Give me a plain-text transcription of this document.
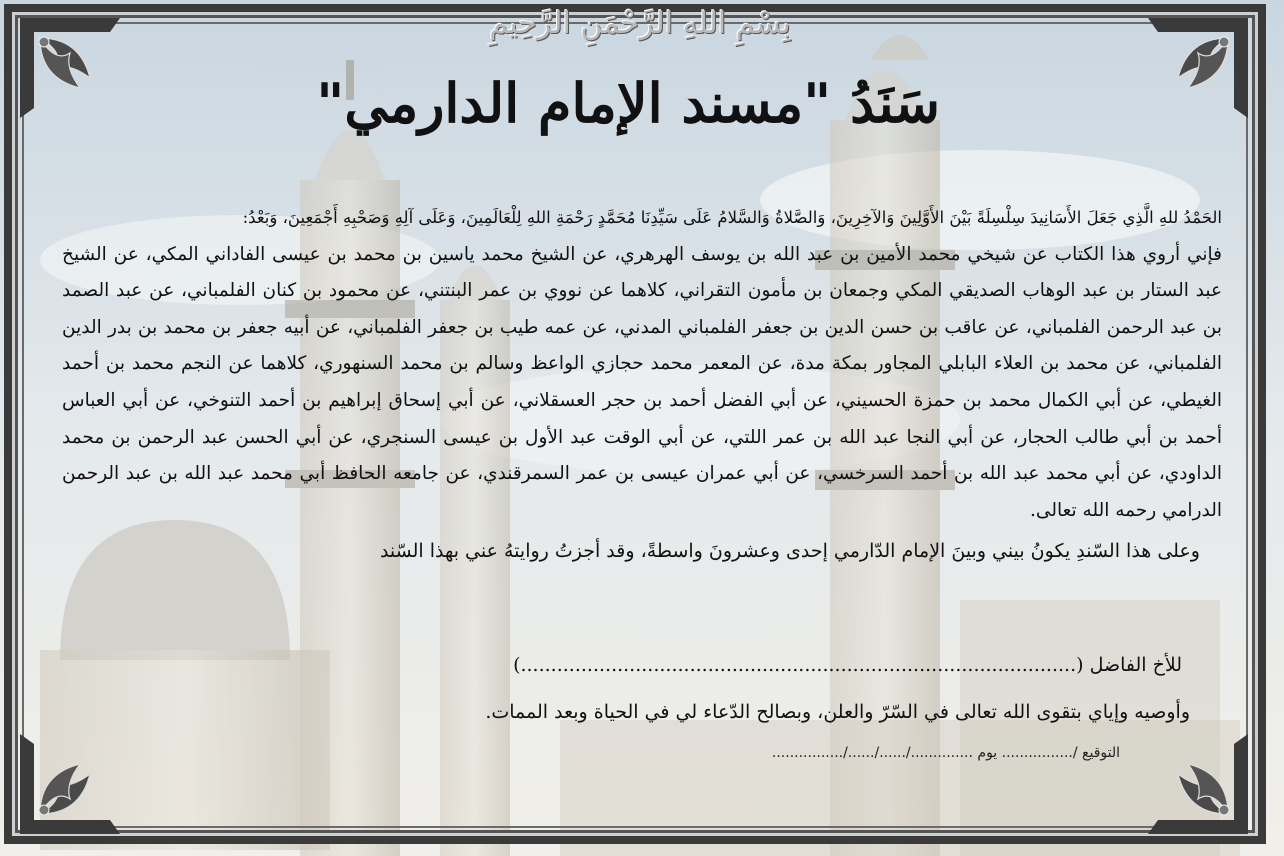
بِسْمِ اللهِ الرَّحْمَنِ الرَّحِيمِ
سَنَدُ "مسند الإمام الدارمي"

الحَمْدُ للهِ الَّذِي جَعَلَ الأَسَانِيدَ سِلْسِلَةً بَيْنَ الأَوَّلِينَ وَالآخِرِينَ، وَالصَّلاةُ وَالسَّلامُ عَلَى سَيِّدِنَا مُحَمَّدٍ رَحْمَةِ اللهِ لِلْعَالَمِينَ، وَعَلَى آلِهِ وَصَحْبِهِ أَجْمَعِينَ، وَبَعْدُ:

فإني أروي هذا الكتاب عن شيخي محمد الأمين بن عبد الله بن يوسف الهرهري، عن الشيخ محمد ياسين بن محمد بن عيسى الفاداني المكي، عن الشيخ عبد الستار بن عبد الوهاب الصديقي المكي وجمعان بن مأمون التقراني، كلاهما عن نووي بن عمر البنتني، عن محمود بن كنان الفلمباني، عن عبد الصمد بن عبد الرحمن الفلمباني، عن عاقب بن حسن الدين بن جعفر الفلمباني المدني، عن عمه طيب بن جعفر الفلمباني، عن أبيه جعفر بن محمد بن بدر الدين الفلمباني، عن محمد بن العلاء البابلي المجاور بمكة مدة، عن المعمر محمد حجازي الواعظ وسالم بن محمد السنهوري، كلاهما عن النجم محمد بن أحمد الغيطي، عن أبي الكمال محمد بن حمزة الحسيني، عن أبي الفضل أحمد بن حجر العسقلاني، عن أبي إسحاق إبراهيم بن أحمد التنوخي، عن أبي العباس أحمد بن أبي طالب الحجار، عن أبي النجا عبد الله بن عمر اللتي، عن أبي الوقت عبد الأول بن عيسى السنجري، عن أبي الحسن عبد الرحمن بن محمد الداودي، عن أبي محمد عبد الله بن أحمد السرخسي، عن أبي عمران عيسى بن عمر السمرقندي، عن جامعه الحافظ أبي محمد عبد الله بن عبد الرحمن الدرامي رحمه الله تعالى.

وعلى هذا السّندِ يكونُ بيني وبينَ الإمام الدّارمي إحدى وعشرونَ واسطةً، وقد أجزتُ روايتهُ عني بهذا السّند

للأخ الفاضل (............................................................................................)
وأوصيه وإياي بتقوى الله تعالى في السّرّ والعلن، وبصالح الدّعاء لي في الحياة وبعد الممات.
التوقيع /................ يوم ............../....../....../................
